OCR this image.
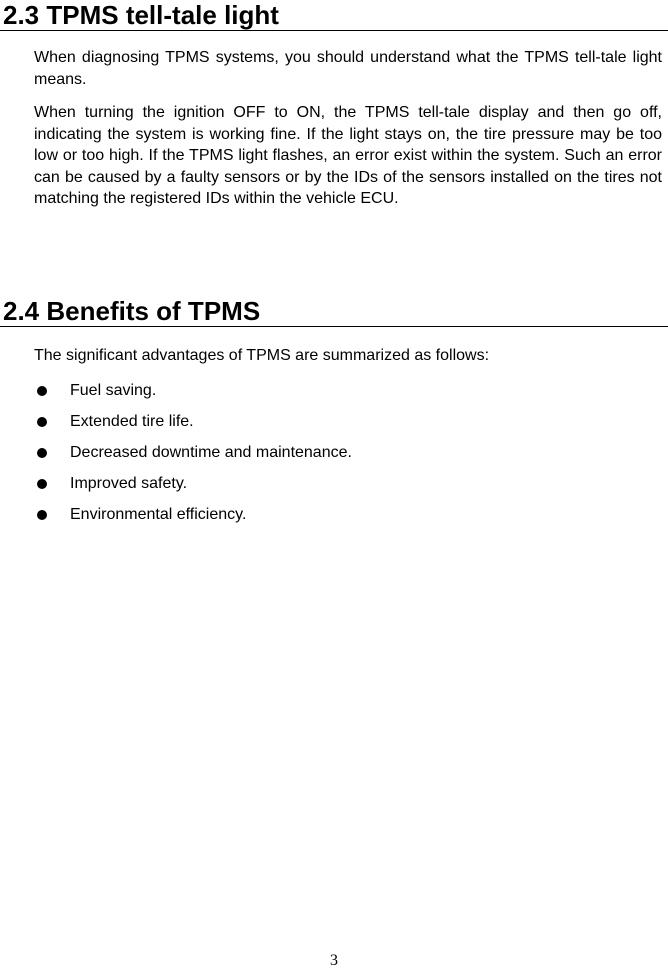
2.3 TPMS tell-tale light

When diagnosing TPMS systems, you should understand what the TPMS tell-tale light means.

When turning the ignition OFF to ON, the TPMS tell-tale display and then go off, indicating the system is working fine. If the light stays on, the tire pressure may be too low or too high. If the TPMS light flashes, an error exist within the system. Such an error can be caused by a faulty sensors or by the IDs of the sensors installed on the tires not matching the registered IDs within the vehicle ECU.

2.4 Benefits of TPMS

The significant advantages of TPMS are summarized as follows:

Fuel saving.
Extended tire life.
Decreased downtime and maintenance.
Improved safety.
Environmental efficiency.
3
